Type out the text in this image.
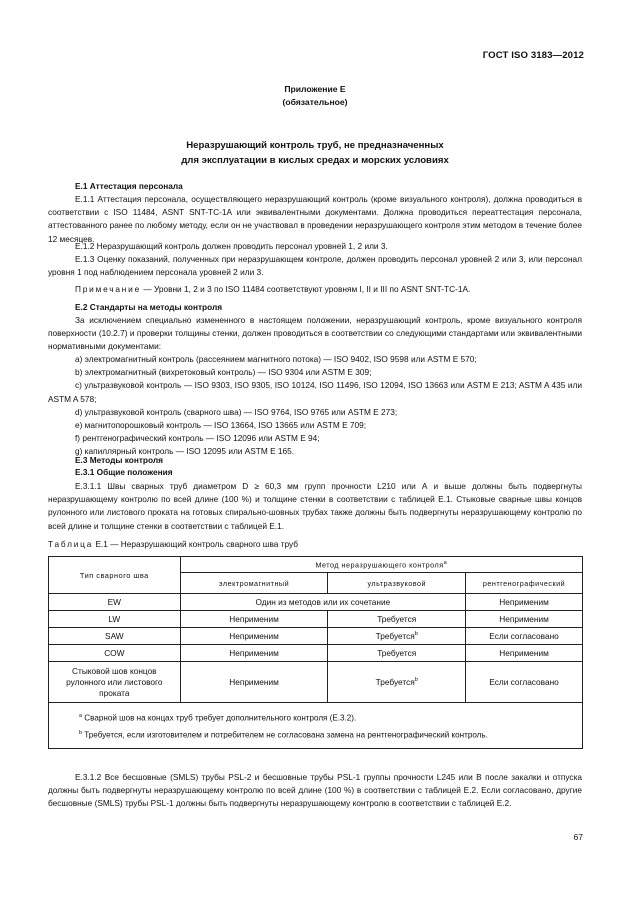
ГОСТ ISO 3183—2012
Приложение Е
(обязательное)
Неразрушающий контроль труб, не предназначенных
для эксплуатации в кислых средах и морских условиях
Е.1 Аттестация персонала
Е.1.1 Аттестация персонала, осуществляющего неразрушающий контроль (кроме визуального контроля), должна проводиться в соответствии с ISO 11484, ASNT SNT-TC-1A или эквивалентными документами. Должна проводиться переаттестация персонала, аттестованного ранее по любому методу, если он не участвовал в проведении неразрушающего контроля этим методом в течение более 12 месяцев.
Е.1.2 Неразрушающий контроль должен проводить персонал уровней 1, 2 или 3.
Е.1.3 Оценку показаний, полученных при неразрушающем контроле, должен проводить персонал уровней 2 или 3, или персонал уровня 1 под наблюдением персонала уровней 2 или 3.
Примечание — Уровни 1, 2 и 3 по ISO 11484 соответствуют уровням I, II и III по ASNT SNT-TC-1A.
Е.2 Стандарты на методы контроля
За исключением специально измененного в настоящем положении, неразрушающий контроль, кроме визуального контроля поверхности (10.2.7) и проверки толщины стенки, должен проводиться в соответствии со следующими стандартами или эквивалентными нормативными документами:
а) электромагнитный контроль (рассеянием магнитного потока) — ISO 9402, ISO 9598 или ASTM E 570;
b) электромагнитный (вихретоковый контроль) — ISO 9304 или ASTM E 309;
с) ультразвуковой контроль — ISO 9303, ISO 9305, ISO 10124, ISO 11496, ISO 12094, ISO 13663 или ASTM E 213; ASTM A 435 или ASTM A 578;
d) ультразвуковой контроль (сварного шва) — ISO 9764, ISO 9765 или ASTM E 273;
е) магнитопорошковый контроль — ISO 13664, ISO 13665 или ASTM E 709;
f) рентгенографический контроль — ISO 12096 или ASTM E 94;
g) капиллярный контроль — ISO 12095 или ASTM E 165.
Е.3 Методы контроля
Е.3.1 Общие положения
Е.3.1.1 Швы сварных труб диаметром D ≥ 60,3 мм групп прочности L210 или А и выше должны быть подвергнуты неразрушающему контролю по всей длине (100 %) и толщине стенки в соответствии с таблицей Е.1. Стыковые сварные швы концов рулонного или листового проката на готовых спирально-шовных трубах также должны быть подвергнуты неразрушающему контролю по всей длине и толщине стенки в соответствии с таблицей Е.1.
Таблица Е.1 — Неразрушающий контроль сварного шва труб
Тип сварного шва	Метод неразрушающего контроля$^a$
	электромагнитный	ультразвуковой	рентгенографический
EW	Один из методов или их сочетание		Неприменим
LW	Неприменим	Требуется	Неприменим
SAW	Неприменим	Требуется$^b$	Если согласовано
COW	Неприменим	Требуется	Неприменим
Стыковой шов концов рулонного или листового проката	Неприменим	Требуется$^b$	Если согласовано

$^a$ Сварной шов на концах труб требует дополнительного контроля (Е.3.2).
$^b$ Требуется, если изготовителем и потребителем не согласована замена на рентгенографический контроль.			
Е.3.1.2 Все бесшовные (SMLS) трубы PSL-2 и бесшовные трубы PSL-1 группы прочности L245 или В после закалки и отпуска должны быть подвергнуты неразрушающему контролю по всей длине (100 %) в соответствии с таблицей Е.2. Если согласовано, другие бесшовные (SMLS) трубы PSL-1 должны быть подвергнуты неразрушающему контролю в соответствии с таблицей Е.2.
67
